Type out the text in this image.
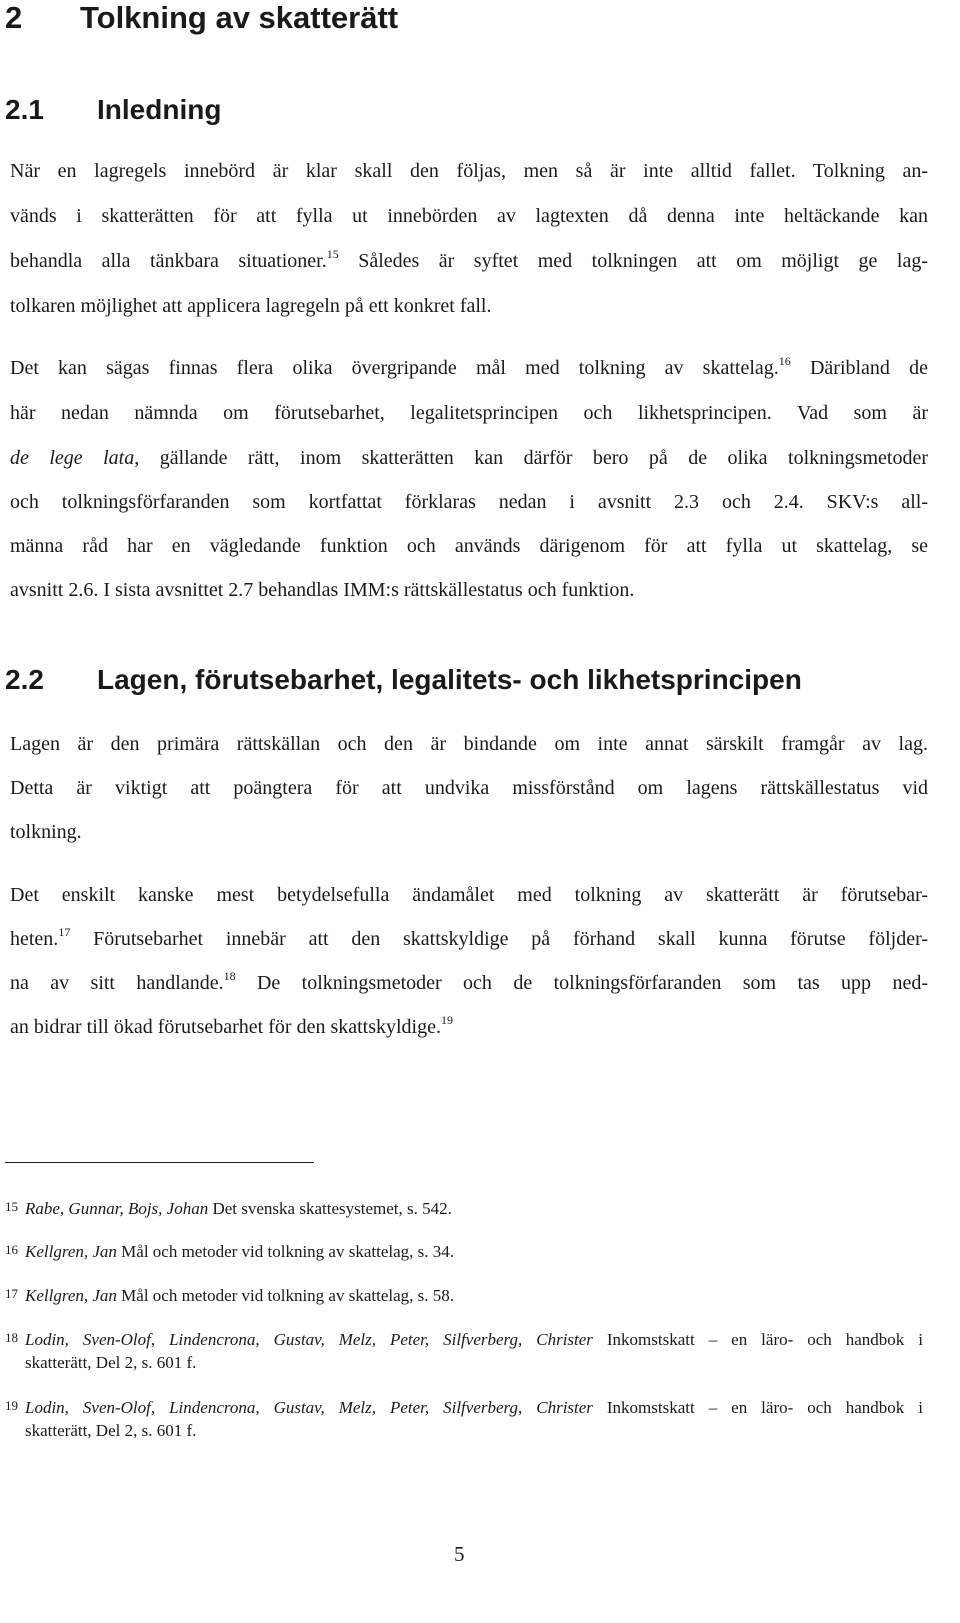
2 Tolkning av skatterätt
2.1 Inledning
När en lagregels innebörd är klar skall den följas, men så är inte alltid fallet. Tolkning an-
vänds i skatterätten för att fylla ut innebörden av lagtexten då denna inte heltäckande kan
behandla alla tänkbara situationer.$^{15}$ Således är syftet med tolkningen att om möjligt ge lag-
tolkaren möjlighet att applicera lagregeln på ett konkret fall.
Det kan sägas finnas flera olika övergripande mål med tolkning av skattelag.$^{16}$ Däribland de
här nedan nämnda om förutsebarhet, legalitetsprincipen och likhetsprincipen. Vad som är
de lege lata, gällande rätt, inom skatterätten kan därför bero på de olika tolkningsmetoder
och tolkningsförfaranden som kortfattat förklaras nedan i avsnitt 2.3 och 2.4. SKV:s all-
männa råd har en vägledande funktion och används därigenom för att fylla ut skattelag, se
avsnitt 2.6. I sista avsnittet 2.7 behandlas IMM:s rättskällestatus och funktion.
2.2 Lagen, förutsebarhet, legalitets- och likhetsprincipen
Lagen är den primära rättskällan och den är bindande om inte annat särskilt framgår av lag.
Detta är viktigt att poängtera för att undvika missförstånd om lagens rättskällestatus vid
tolkning.
Det enskilt kanske mest betydelsefulla ändamålet med tolkning av skatterätt är förutsebar-
heten.$^{17}$ Förutsebarhet innebär att den skattskyldige på förhand skall kunna förutse följder-
na av sitt handlande.$^{18}$ De tolkningsmetoder och de tolkningsförfaranden som tas upp ned-
an bidrar till ökad förutsebarhet för den skattskyldige.$^{19}$
15 Rabe, Gunnar, Bojs, Johan Det svenska skattesystemet, s. 542.
16 Kellgren, Jan Mål och metoder vid tolkning av skattelag, s. 34.
17 Kellgren, Jan Mål och metoder vid tolkning av skattelag, s. 58.
18 Lodin, Sven-Olof, Lindencrona, Gustav, Melz, Peter, Silfverberg, Christer Inkomstskatt – en läro- och handbok i
skatterätt, Del 2, s. 601 f.
19 Lodin, Sven-Olof, Lindencrona, Gustav, Melz, Peter, Silfverberg, Christer Inkomstskatt – en läro- och handbok i
skatterätt, Del 2, s. 601 f.
5
